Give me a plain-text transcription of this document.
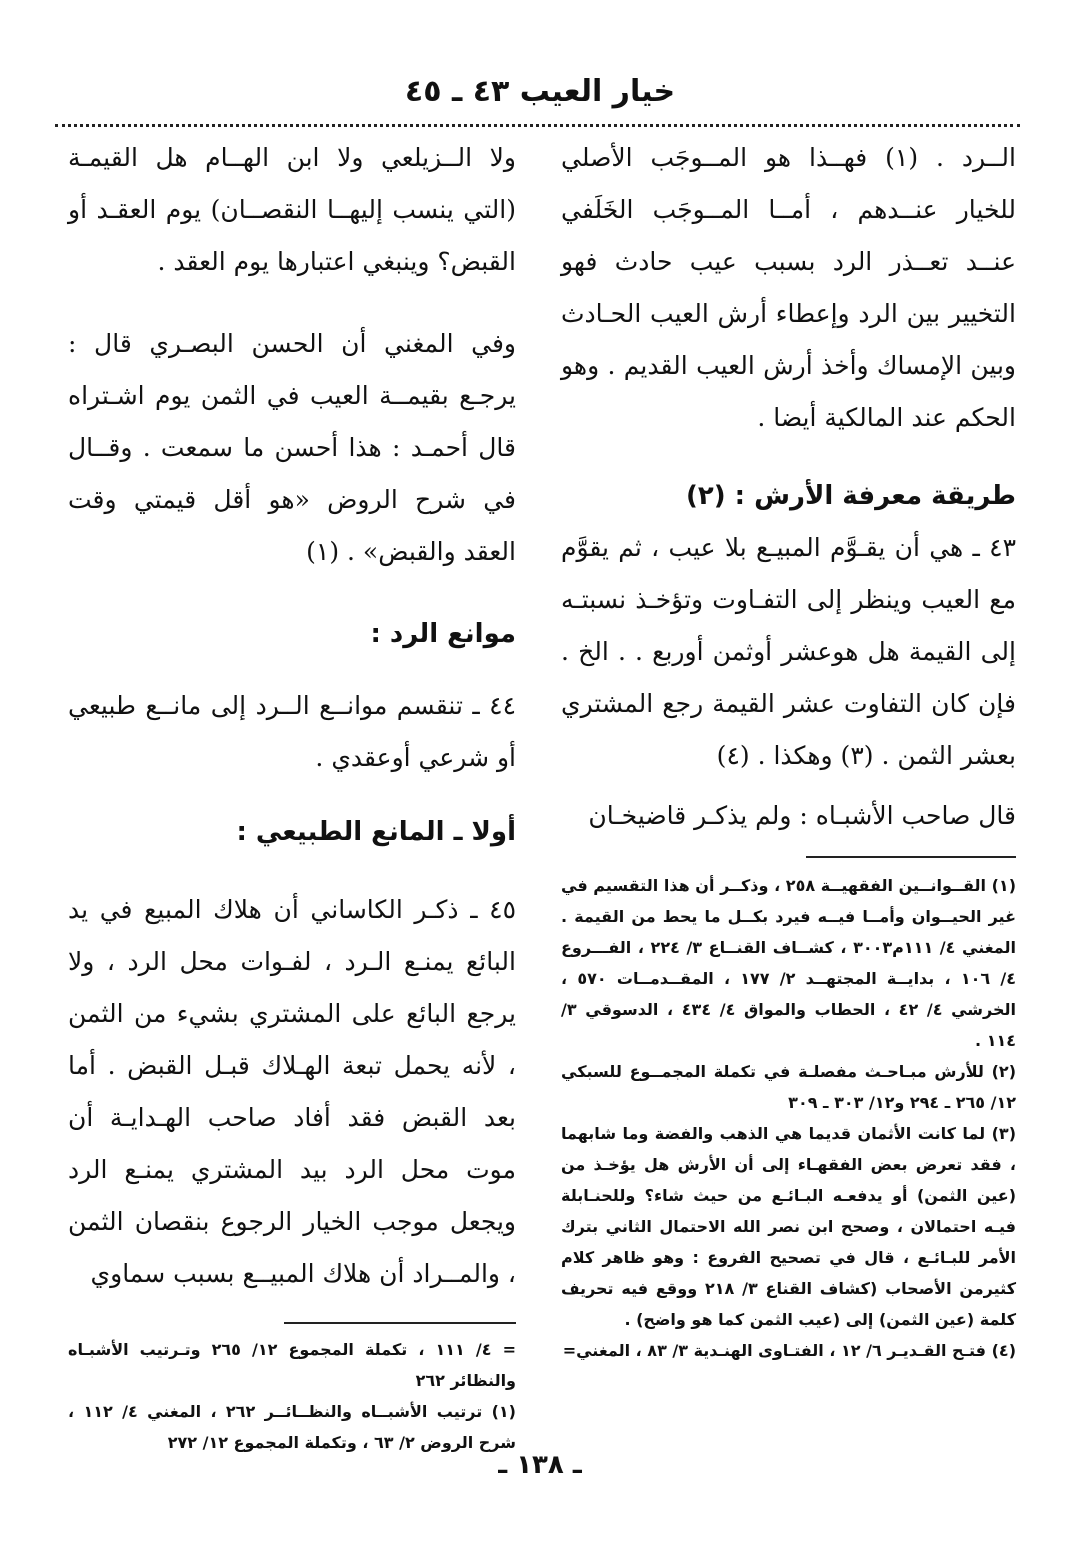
خيار العيب ٤٣ ـ ٤٥

الــرد . (١) فهــذا هو المــوجَب الأصلي للخيار عنــدهم ، أمــا المــوجَب الخَلَفي عنــد تعــذر الرد بسبب عيب حادث فهو التخيير بين الرد وإعطاء أرش العيب الحـادث وبين الإمساك وأخذ أرش العيب القديم . وهو الحكم عند المالكية أيضا .

طريقة معرفة الأرش : (٢)

٤٣ ـ هي أن يقـوَّم المبيـع بلا عيب ، ثم يقوَّم مع العيب وينظر إلى التفـاوت وتؤخـذ نسبتـه إلى القيمة هل هوعشر أوثمن أوربع . . الخ . فإن كان التفاوت عشر القيمة رجع المشتري بعشر الثمن . (٣) وهكذا . (٤)

قال صاحب الأشبـاه : ولم يذكـر قاضيخـان

(١) القــوانــين الفقهيــة ٢٥٨ ، وذكــر أن هذا التقسيم في غير الحيــوان وأمــا فيــه فيرد بكــل ما يحط من القيمة . المغني ٤/ ١١١م٣٠٠٣ ، كشــاف القنــاع ٣/ ٢٢٤ ، الفـــروع ٤/ ١٠٦ ، بدايــة المجتهــد ٢/ ١٧٧ ، المقــدمــات ٥٧٠ ، الخرشي ٤/ ٤٢ ، الحطاب والمواق ٤/ ٤٣٤ ، الدسوقي ٣/ ١١٤ .

(٢) للأرش مبـاحـث مفصلـة في تكملة المجمــوع للسبكي ١٢/ ٢٦٥ ـ ٢٩٤ و١٢/ ٣٠٣ ـ ٣٠٩

(٣) لما كانت الأثمان قديما هي الذهب والفضة وما شابهما ، فقد تعرض بعض الفقهـاء إلى أن الأرش هل يؤخـذ من (عين الثمن) أو يدفعـه البـائـع من حيث شاء؟ وللحنـابلة فيـه احتمالان ، وصحح ابن نصر الله الاحتمال الثاني بترك الأمر للبـائـع ، قال في تصحيح الفروع : وهو ظاهر كلام كثيرمن الأصحاب (كشاف القناع ٣/ ٢١٨ ووقع فيه تحريف كلمة (عين الثمن) إلى (عيب الثمن كما هو واضح) .

(٤) فتـح القـديـر ٦/ ١٢ ، الفتـاوى الهنـدية ٣/ ٨٣ ، المغني=

ولا الــزيلعي ولا ابن الهــام هل القيمـة (التي ينسب إليهــا النقصــان) يوم العقـد أو القبض؟ وينبغي اعتبارها يوم العقد .

وفي المغني أن الحسن البصـري قال : يرجـع بقيمــة العيب في الثمن يوم اشـتراه قال أحمـد : هذا أحسن ما سمعت . وقــال في شرح الروض «هو أقل قيمتي وقت العقد والقبض» . (١)

موانع الرد :

٤٤ ـ تنقسم موانــع الــرد إلى مانــع طبيعي أو شرعي أوعقدي .

أولا ـ المانع الطبيعي :

٤٥ ـ ذكـر الكاساني أن هلاك المبيع في يد البائع يمنـع الـرد ، لفـوات محل الرد ، ولا يرجع البائع على المشتري بشيء من الثمن ، لأنه يحمل تبعة الهـلاك قبـل القبض . أما بعد القبض فقد أفاد صاحب الهـدايـة أن موت محل الرد بيد المشتري يمنـع الرد ويجعل موجب الخيار الرجوع بنقصان الثمن ، والمــراد أن هلاك المبيــع بسبب سماوي

= ٤/ ١١١ ، تكملة المجموع ١٢/ ٢٦٥ وتـرتيب الأشبـاه والنظائر ٢٦٢

(١) ترتيب الأشبــاه والنظــائــر ٢٦٢ ، المغني ٤/ ١١٢ ، شرح الروض ٢/ ٦٣ ، وتكملة المجموع ١٢/ ٢٧٢

ـ ١٣٨ ـ
